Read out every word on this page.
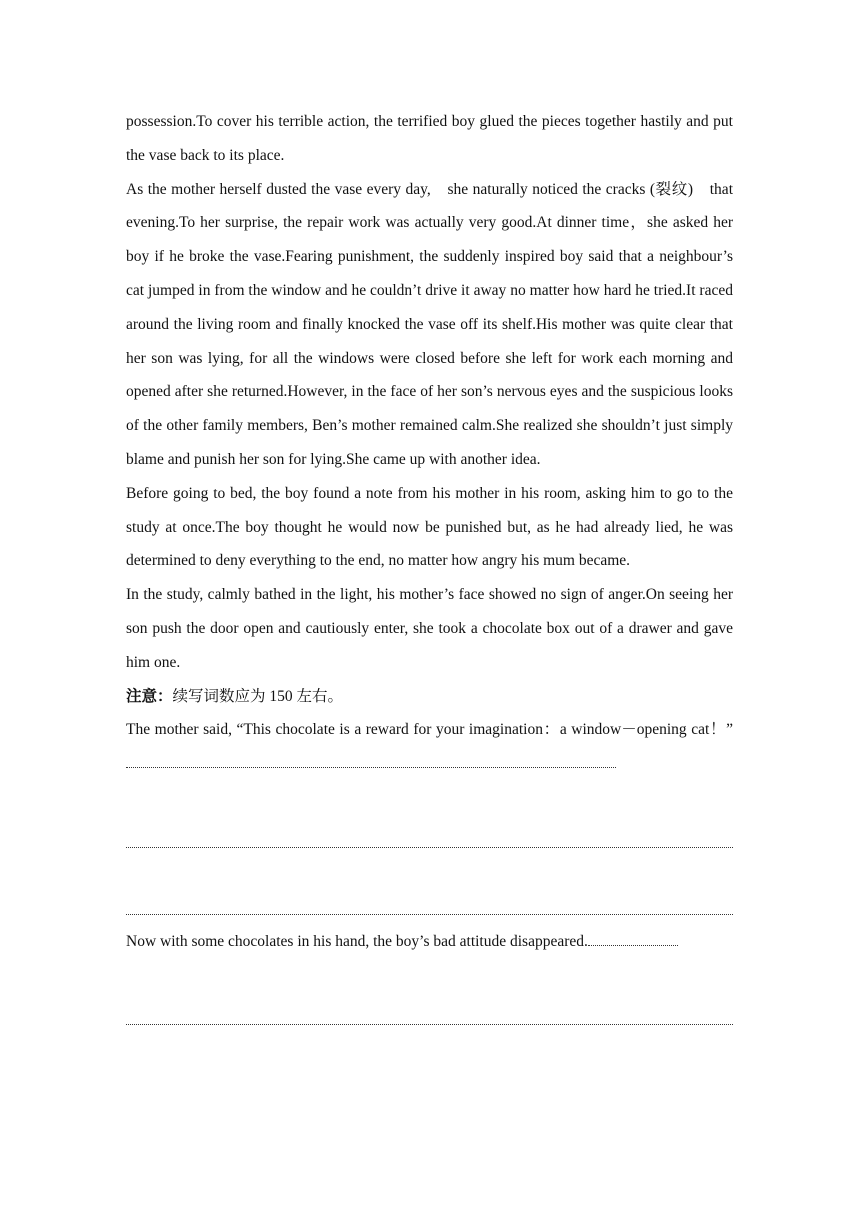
possession.To cover his terrible action, the terrified boy glued the pieces together hastily and put the vase back to its place.

As the mother herself dusted the vase every day,　she naturally noticed the cracks (裂纹)　that evening.To her surprise, the repair work was actually very good.At dinner time，she asked her boy if he broke the vase.Fearing punishment, the suddenly inspired boy said that a neighbour’s cat jumped in from the window and he couldn’t drive it away no matter how hard he tried.It raced around the living room and finally knocked the vase off its shelf.His mother was quite clear that her son was lying, for all the windows were closed before she left for work each morning and opened after she returned.However, in the face of her son’s nervous eyes and the suspicious looks of the other family members, Ben’s mother remained calm.She realized she shouldn’t just simply blame and punish her son for lying.She came up with another idea.

Before going to bed, the boy found a note from his mother in his room, asking him to go to the study at once.The boy thought he would now be punished but, as he had already lied, he was determined to deny everything to the end, no matter how angry his mum became.

In the study, calmly bathed in the light, his mother’s face showed no sign of anger.On seeing her son push the door open and cautiously enter, she took a chocolate box out of a drawer and gave him one.

注意：续写词数应为 150 左右。

The mother said, “This chocolate is a reward for your imagination：a window－opening cat！”

Now with some chocolates in his hand, the boy’s bad attitude disappeared.
